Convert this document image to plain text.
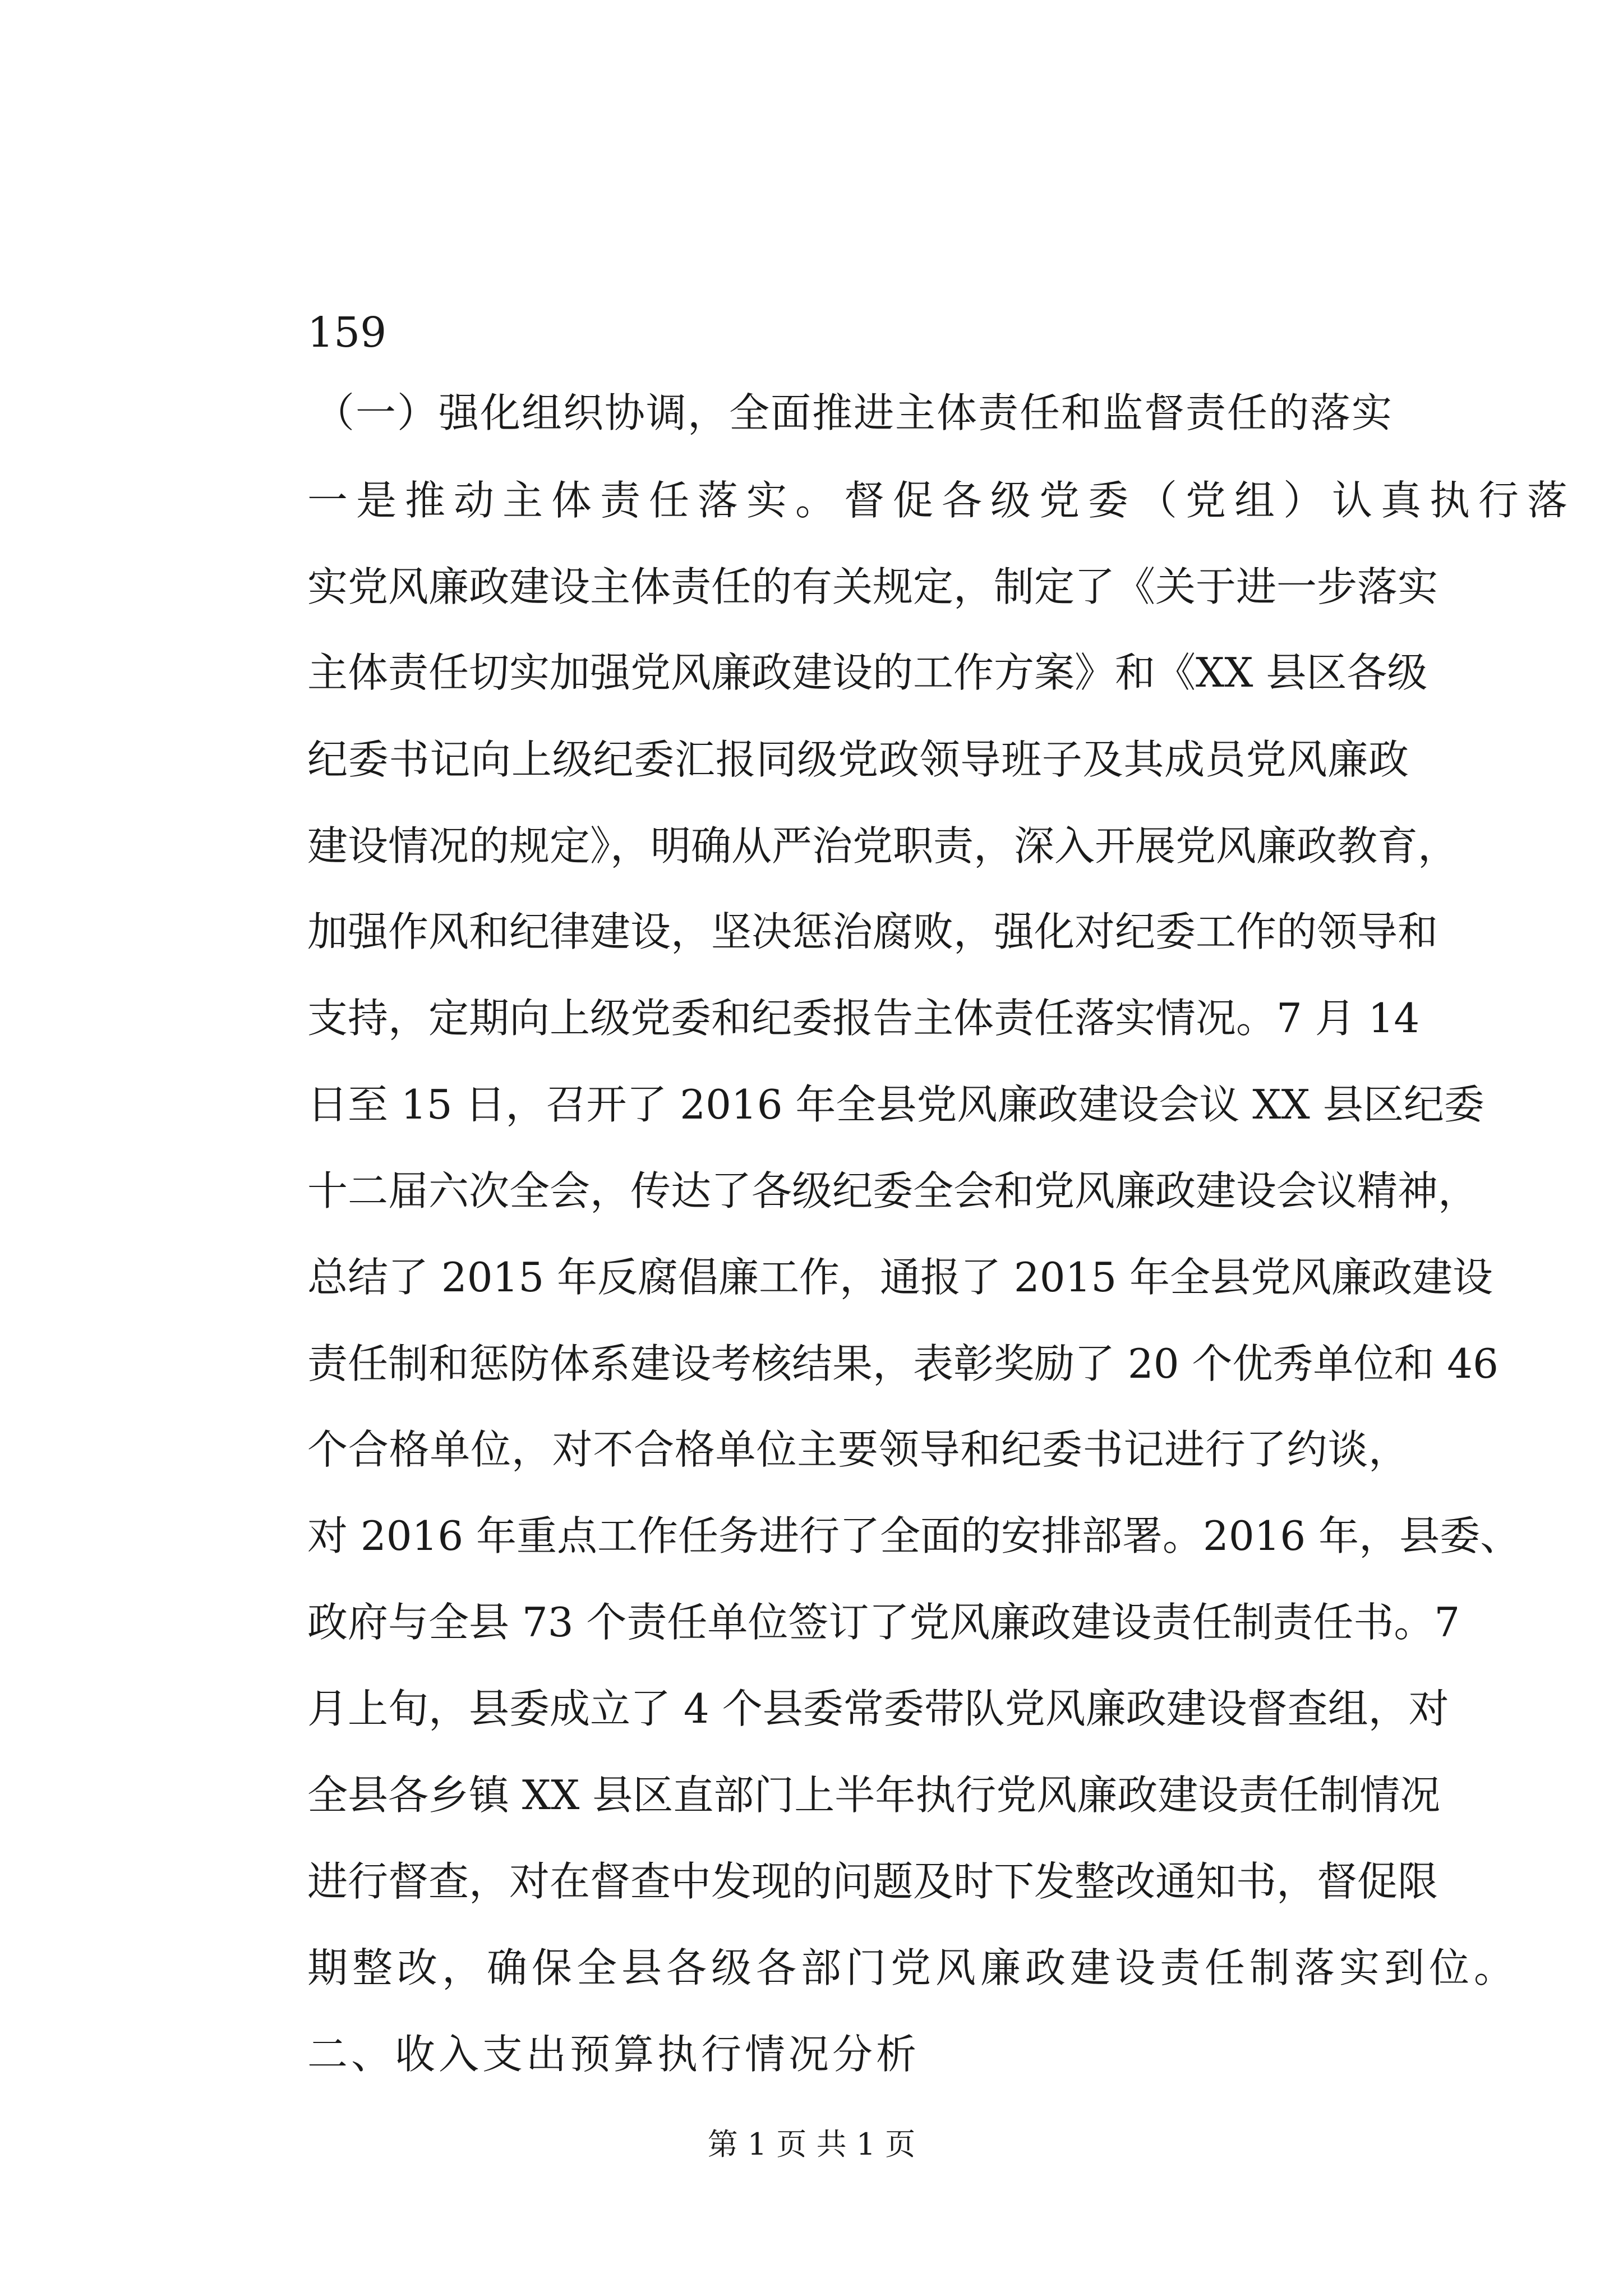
159
（一）强化组织协调，全面推进主体责任和监督责任的落实
一是推动主体责任落实。督促各级党委（党组）认真执行落
实党风廉政建设主体责任的有关规定，制定了《关于进一步落实
主体责任切实加强党风廉政建设的工作方案》和《XX 县区各级
纪委书记向上级纪委汇报同级党政领导班子及其成员党风廉政
建设情况的规定》，明确从严治党职责，深入开展党风廉政教育，
加强作风和纪律建设，坚决惩治腐败，强化对纪委工作的领导和
支持，定期向上级党委和纪委报告主体责任落实情况。7 月 14
日至 15 日，召开了 2016 年全县党风廉政建设会议 XX 县区纪委
十二届六次全会，传达了各级纪委全会和党风廉政建设会议精神，
总结了 2015 年反腐倡廉工作，通报了 2015 年全县党风廉政建设
责任制和惩防体系建设考核结果，表彰奖励了 20 个优秀单位和 46
个合格单位，对不合格单位主要领导和纪委书记进行了约谈，
对 2016 年重点工作任务进行了全面的安排部署。2016 年，县委、
政府与全县 73 个责任单位签订了党风廉政建设责任制责任书。7
月上旬，县委成立了 4 个县委常委带队党风廉政建设督查组，对
全县各乡镇 XX 县区直部门上半年执行党风廉政建设责任制情况
进行督查，对在督查中发现的问题及时下发整改通知书，督促限
期整改，确保全县各级各部门党风廉政建设责任制落实到位。
二、收入支出预算执行情况分析
第 1 页 共 1 页
